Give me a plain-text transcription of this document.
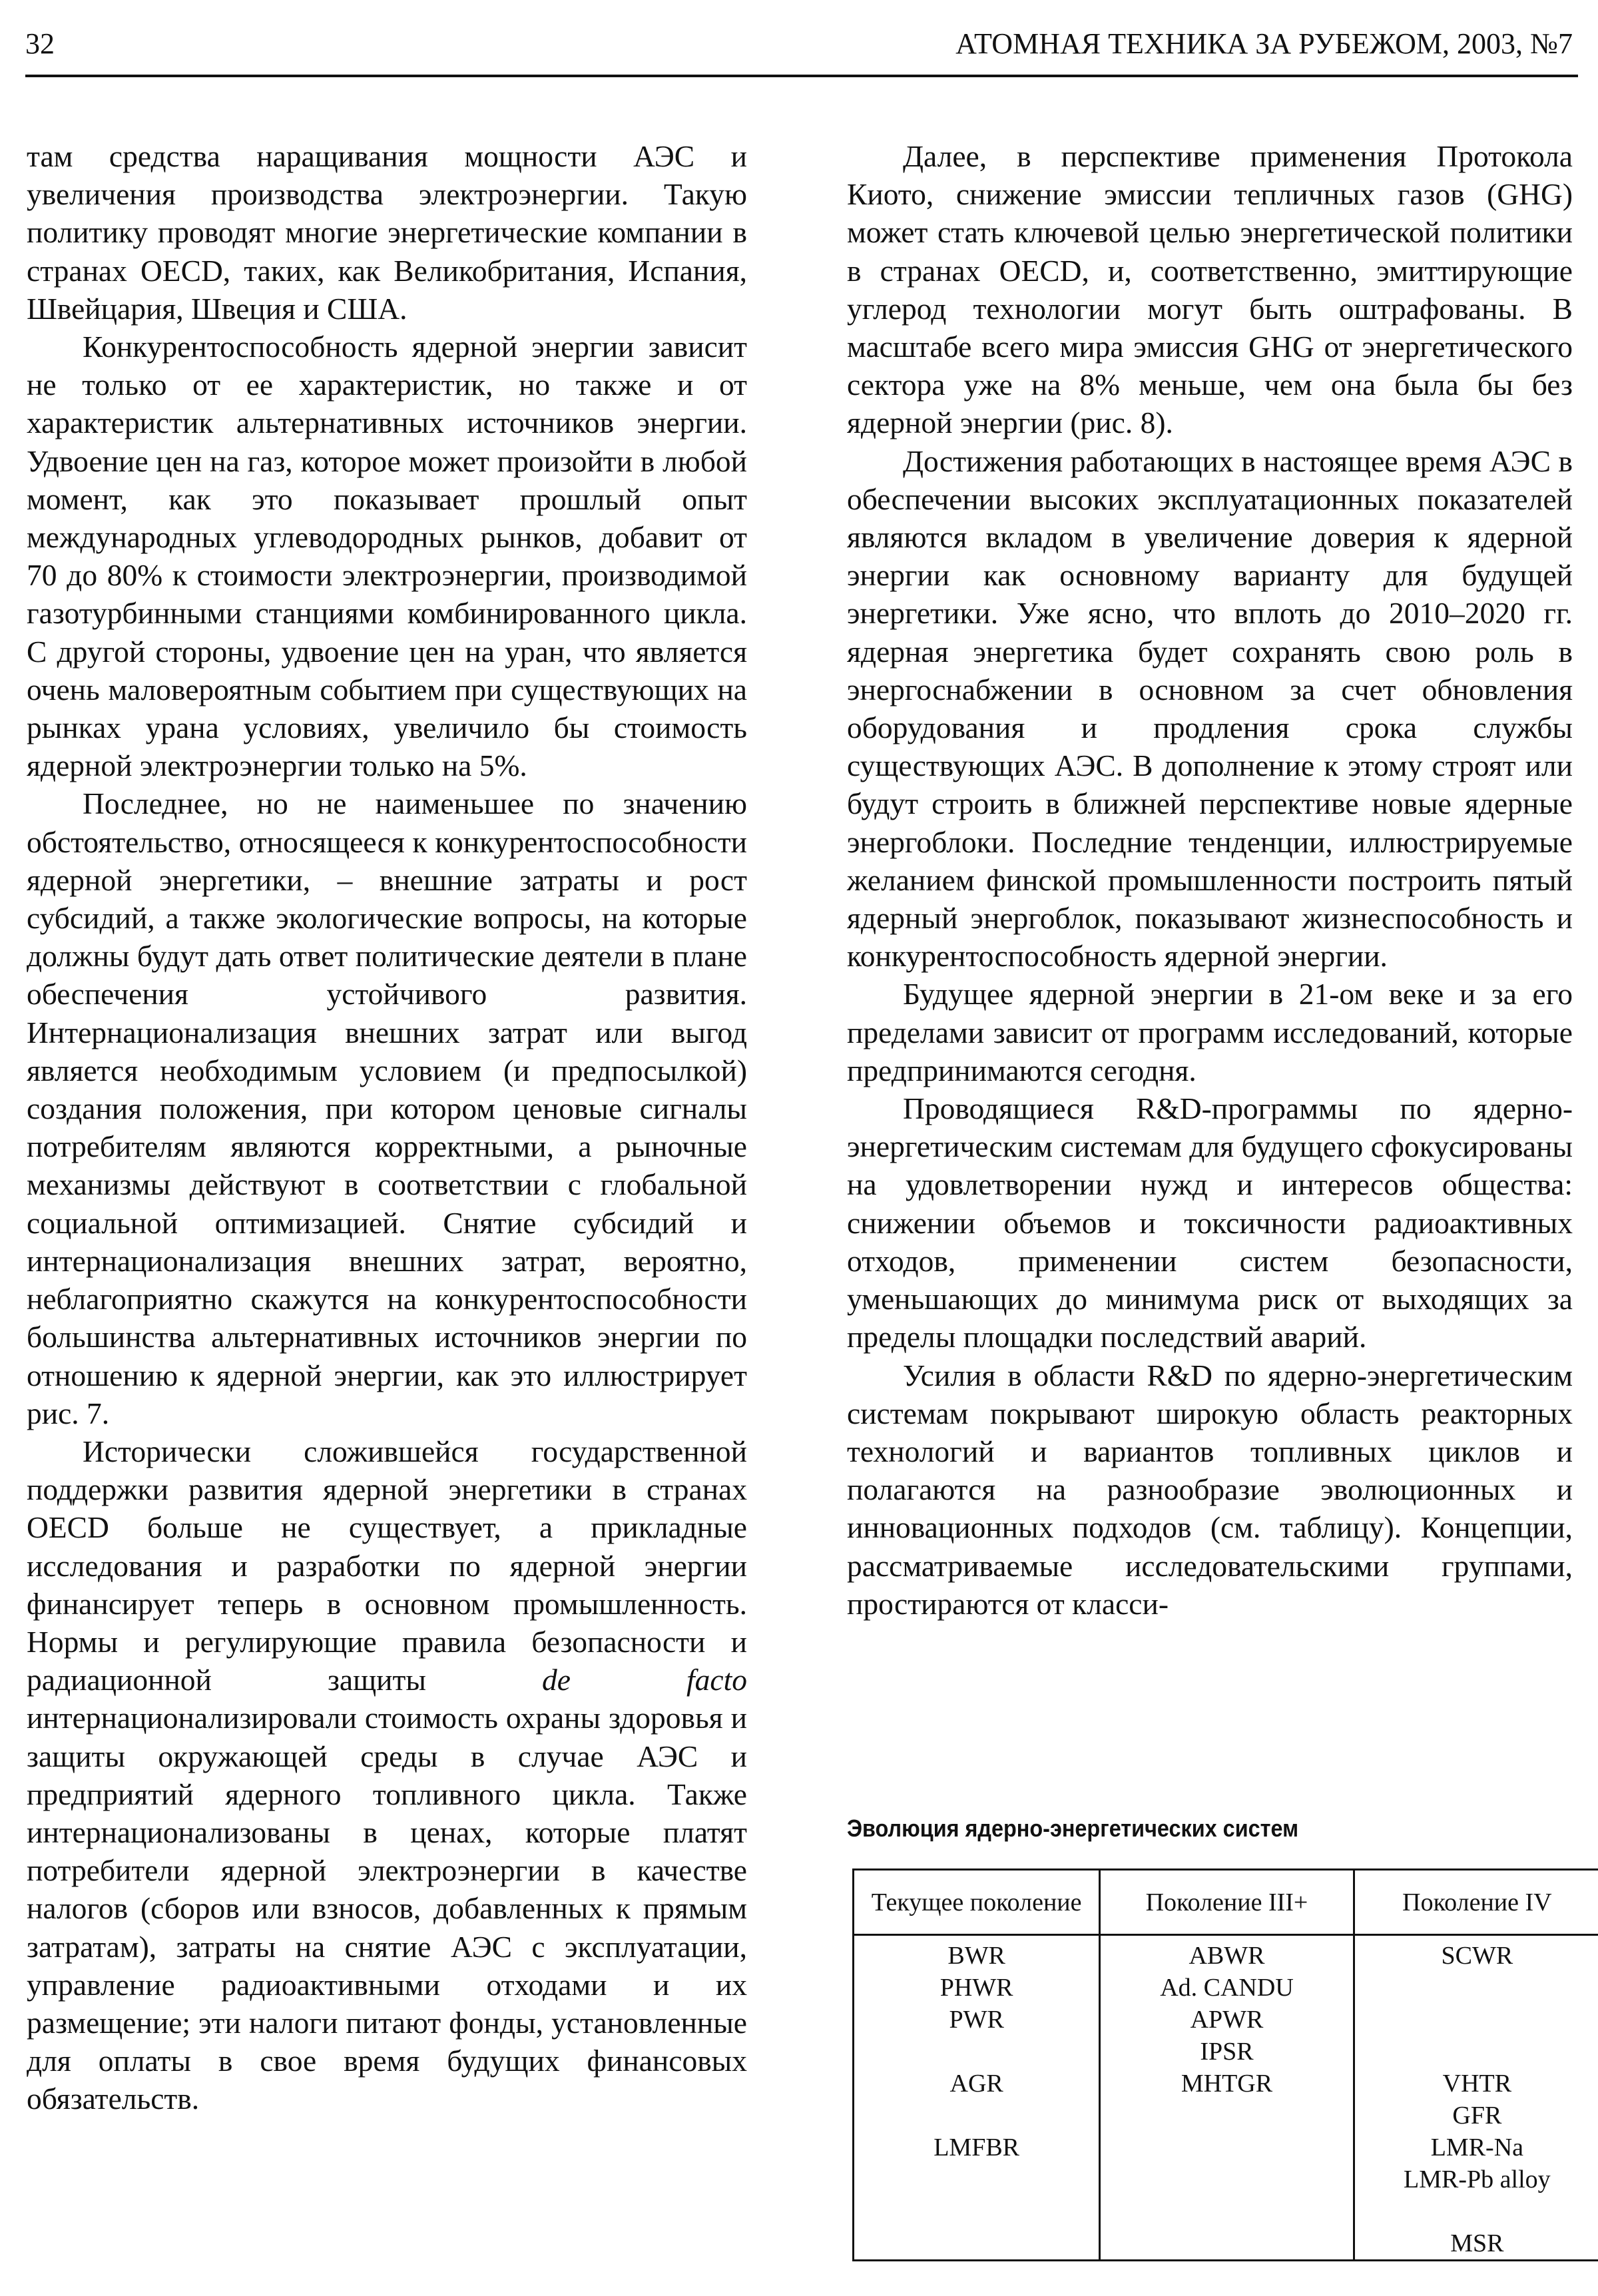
32	АТОМНАЯ ТЕХНИКА ЗА РУБЕЖОМ, 2003, №7

там средства наращивания мощности АЭС и увеличения производства электроэнергии. Такую политику проводят многие энергетические компании в странах OECD, таких, как Великобритания, Испания, Швейцария, Швеция и США.

Конкурентоспособность ядерной энергии зависит не только от ее характеристик, но также и от характеристик альтернативных источников энергии. Удвоение цен на газ, которое может произойти в любой момент, как это показывает прошлый опыт международных углеводородных рынков, добавит от 70 до 80% к стоимости электроэнергии, производимой газотурбинными станциями комбинированного цикла. С другой стороны, удвоение цен на уран, что является очень маловероятным событием при существующих на рынках урана условиях, увеличило бы стоимость ядерной электроэнергии только на 5%.

Последнее, но не наименьшее по значению обстоятельство, относящееся к конкурентоспособности ядерной энергетики, – внешние затраты и рост субсидий, а также экологические вопросы, на которые должны будут дать ответ политические деятели в плане обеспечения устойчивого развития. Интернационализация внешних затрат или выгод является необходимым условием (и предпосылкой) создания положения, при котором ценовые сигналы потребителям являются корректными, а рыночные механизмы действуют в соответствии с глобальной социальной оптимизацией. Снятие субсидий и интернационализация внешних затрат, вероятно, неблагоприятно скажутся на конкурентоспособности большинства альтернативных источников энергии по отношению к ядерной энергии, как это иллюстрирует рис. 7.

Исторически сложившейся государственной поддержки развития ядерной энергетики в странах OECD больше не существует, а прикладные исследования и разработки по ядерной энергии финансирует теперь в основном промышленность. Нормы и регулирующие правила безопасности и радиационной защиты de facto интернационализировали стоимость охраны здоровья и защиты окружающей среды в случае АЭС и предприятий ядерного топливного цикла. Также интернационализованы в ценах, которые платят потребители ядерной электроэнергии в качестве налогов (сборов или взносов, добавленных к прямым затратам), затраты на снятие АЭС с эксплуатации, управление радиоактивными отходами и их размещение; эти налоги питают фонды, установленные для оплаты в свое время будущих финансовых обязательств.

Далее, в перспективе применения Протокола Киото, снижение эмиссии тепличных газов (GHG) может стать ключевой целью энергетической политики в странах OECD, и, соответственно, эмиттирующие углерод технологии могут быть оштрафованы. В масштабе всего мира эмиссия GHG от энергетического сектора уже на 8% меньше, чем она была бы без ядерной энергии (рис. 8).

Достижения работающих в настоящее время АЭС в обеспечении высоких эксплуатационных показателей являются вкладом в увеличение доверия к ядерной энергии как основному варианту для будущей энергетики. Уже ясно, что вплоть до 2010–2020 гг. ядерная энергетика будет сохранять свою роль в энергоснабжении в основном за счет обновления оборудования и продления срока службы существующих АЭС. В дополнение к этому строят или будут строить в ближней перспективе новые ядерные энергоблоки. Последние тенденции, иллюстрируемые желанием финской промышленности построить пятый ядерный энергоблок, показывают жизнеспособность и конкурентоспособность ядерной энергии.

Будущее ядерной энергии в 21-ом веке и за его пределами зависит от программ исследований, которые предпринимаются сегодня.

Проводящиеся R&D-программы по ядерно-энергетическим системам для будущего сфокусированы на удовлетворении нужд и интересов общества: снижении объемов и токсичности радиоактивных отходов, применении систем безопасности, уменьшающих до минимума риск от выходящих за пределы площадки последствий аварий.

Усилия в области R&D по ядерно-энергетическим системам покрывают широкую область реакторных технологий и вариантов топливных циклов и полагаются на разнообразие эволюционных и инновационных подходов (см. таблицу). Концепции, рассматриваемые исследовательскими группами, простираются от класси-

Эволюция ядерно-энергетических систем
Текущее поколение	Поколение III+	Поколение IV
BWR	ABWR	SCWR
PHWR	Ad. CANDU	
PWR	APWR	
	IPSR	
AGR	MHTGR	VHTR
		GFR
LMFBR		LMR-Na
		LMR-Pb alloy

		MSR
